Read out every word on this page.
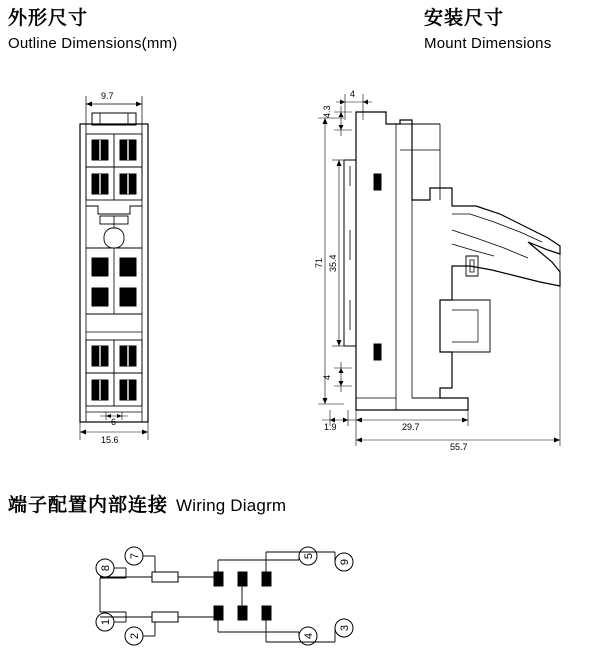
外形尺寸
Outline Dimensions(mm)
安装尺寸
Mount Dimensions
端子配置内部连接 Wiring Diagrm
9.7
6
15.6
4
4.3
71 35.4
4
1.9	29.7
55.7
8
7	5
9
1
2	4
3
